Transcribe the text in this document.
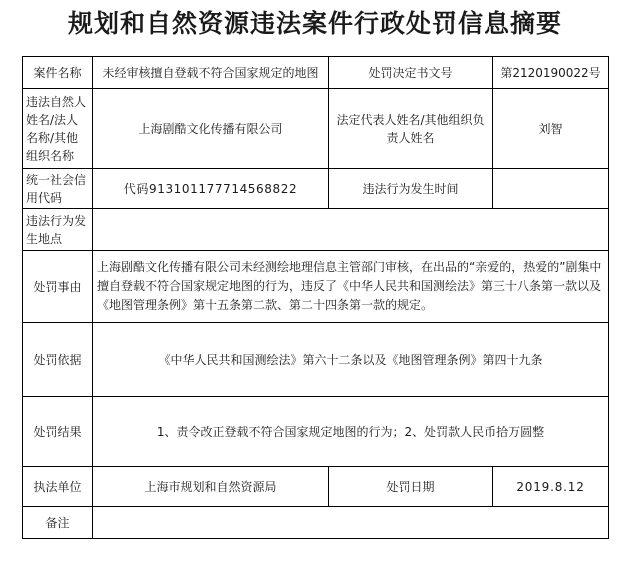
规划和自然资源违法案件行政处罚信息摘要
案件名称	未经审核擅自登载不符合国家规定的地图	处罚决定书文号	第2120190022号
违法自然人姓名/法人名称/其他组织名称	上海剧酷文化传播有限公司	法定代表人姓名/其他组织负责人姓名	刘智
统一社会信用代码	代码913101177714568822	违法行为发生时间	
违法行为发生地点			
处罚事由	上海剧酷文化传播有限公司未经测绘地理信息主管部门审核，在出品的“亲爱的，热爱的”剧集中擅自登载不符合国家规定地图的行为，违反了《中华人民共和国测绘法》第三十八条第一款以及《地图管理条例》第十五条第二款、第二十四条第一款的规定。		
处罚依据	《中华人民共和国测绘法》第六十二条以及《地图管理条例》第四十九条		
处罚结果	1、责令改正登载不符合国家规定地图的行为；2、处罚款人民币拾万圆整		
执法单位	上海市规划和自然资源局	处罚日期	2019.8.12
备注			
